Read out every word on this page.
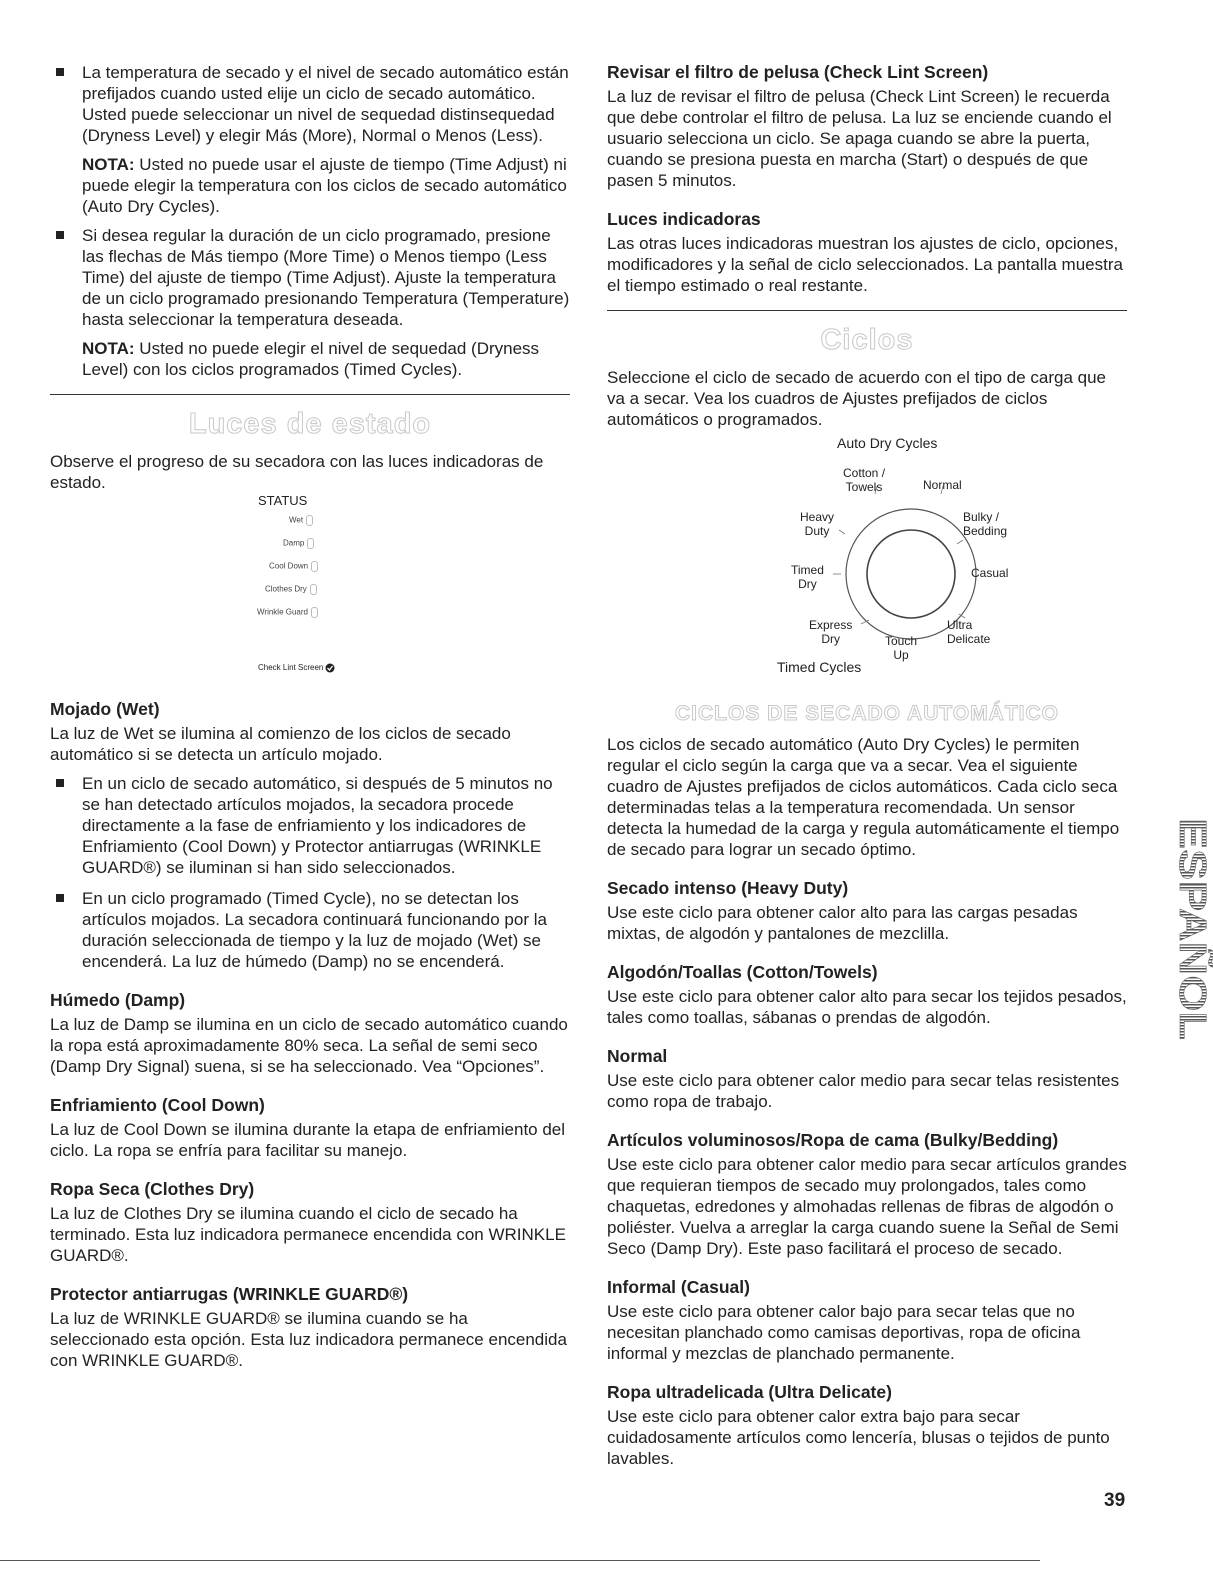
La temperatura de secado y el nivel de secado automático están prefijados cuando usted elije un ciclo de secado automático. Usted puede seleccionar un nivel de sequedad distinsequedad (Dryness Level) y elegir Más (More), Normal o Menos (Less).

NOTA: Usted no puede usar el ajuste de tiempo (Time Adjust) ni puede elegir la temperatura con los ciclos de secado automático (Auto Dry Cycles).

Si desea regular la duración de un ciclo programado, presione las flechas de Más tiempo (More Time) o Menos tiempo (Less Time) del ajuste de tiempo (Time Adjust). Ajuste la temperatura de un ciclo programado presionando Temperatura (Temperature) hasta seleccionar la temperatura deseada.

NOTA: Usted no puede elegir el nivel de sequedad (Dryness Level) con los ciclos programados (Timed Cycles).

Luces de estado

Observe el progreso de su secadora con las luces indicadoras de estado.

STATUS
Wet
Damp
Cool Down
Clothes Dry
Wrinkle Guard
Check Lint Screen
Mojado (Wet)

La luz de Wet se ilumina al comienzo de los ciclos de secado automático si se detecta un artículo mojado.

En un ciclo de secado automático, si después de 5 minutos no se han detectado artículos mojados, la secadora procede directamente a la fase de enfriamiento y los indicadores de Enfriamiento (Cool Down) y Protector antiarrugas (WRINKLE GUARD®) se iluminan si han sido seleccionados.

En un ciclo programado (Timed Cycle), no se detectan los artículos mojados. La secadora continuará funcionando por la duración seleccionada de tiempo y la luz de mojado (Wet) se encenderá. La luz de húmedo (Damp) no se encenderá.

Húmedo (Damp)

La luz de Damp se ilumina en un ciclo de secado automático cuando la ropa está aproximadamente 80% seca. La señal de semi seco (Damp Dry Signal) suena, si se ha seleccionado. Vea “Opciones”.

Enfriamiento (Cool Down)

La luz de Cool Down se ilumina durante la etapa de enfriamiento del ciclo. La ropa se enfría para facilitar su manejo.

Ropa Seca (Clothes Dry)

La luz de Clothes Dry se ilumina cuando el ciclo de secado ha terminado. Esta luz indicadora permanece encendida con WRINKLE GUARD®.

Protector antiarrugas (WRINKLE GUARD®)

La luz de WRINKLE GUARD® se ilumina cuando se ha seleccionado esta opción. Esta luz indicadora permanece encendida con WRINKLE GUARD®.

Revisar el filtro de pelusa (Check Lint Screen)

La luz de revisar el filtro de pelusa (Check Lint Screen) le recuerda que debe controlar el filtro de pelusa. La luz se enciende cuando el usuario selecciona un ciclo. Se apaga cuando se abre la puerta, cuando se presiona puesta en marcha (Start) o después de que pasen 5 minutos.

Luces indicadoras

Las otras luces indicadoras muestran los ajustes de ciclo, opciones, modificadores y la señal de ciclo seleccionados. La pantalla muestra el tiempo estimado o real restante.

Ciclos

Seleccione el ciclo de secado de acuerdo con el tipo de carga que va a secar. Vea los cuadros de Ajustes prefijados de ciclos automáticos o programados.

Auto Dry Cycles
Cotton /
Towels	Normal
Bulky /
Bedding
Casual
Ultra
Delicate
Touch
Up
Express
Dry
Timed
Dry
Heavy
Duty
Timed Cycles
CICLOS DE SECADO AUTOMÁTICO

Los ciclos de secado automático (Auto Dry Cycles) le permiten regular el ciclo según la carga que va a secar. Vea el siguiente cuadro de Ajustes prefijados de ciclos automáticos. Cada ciclo seca determinadas telas a la temperatura recomendada. Un sensor detecta la humedad de la carga y regula automáticamente el tiempo de secado para lograr un secado óptimo.

Secado intenso (Heavy Duty)

Use este ciclo para obtener calor alto para las cargas pesadas mixtas, de algodón y pantalones de mezclilla.

Algodón/Toallas (Cotton/Towels)

Use este ciclo para obtener calor alto para secar los tejidos pesados, tales como toallas, sábanas o prendas de algodón.

Normal

Use este ciclo para obtener calor medio para secar telas resistentes como ropa de trabajo.

Artículos voluminosos/Ropa de cama (Bulky/Bedding)

Use este ciclo para obtener calor medio para secar artículos grandes que requieran tiempos de secado muy prolongados, tales como chaquetas, edredones y almohadas rellenas de fibras de algodón o poliéster. Vuelva a arreglar la carga cuando suene la Señal de Semi Seco (Damp Dry). Este paso facilitará el proceso de secado.

Informal (Casual)

Use este ciclo para obtener calor bajo para secar telas que no necesitan planchado como camisas deportivas, ropa de oficina informal y mezclas de planchado permanente.

Ropa ultradelicada (Ultra Delicate)

Use este ciclo para obtener calor extra bajo para secar cuidadosamente artículos como lencería, blusas o tejidos de punto lavables.

ESPAÑOL
39
